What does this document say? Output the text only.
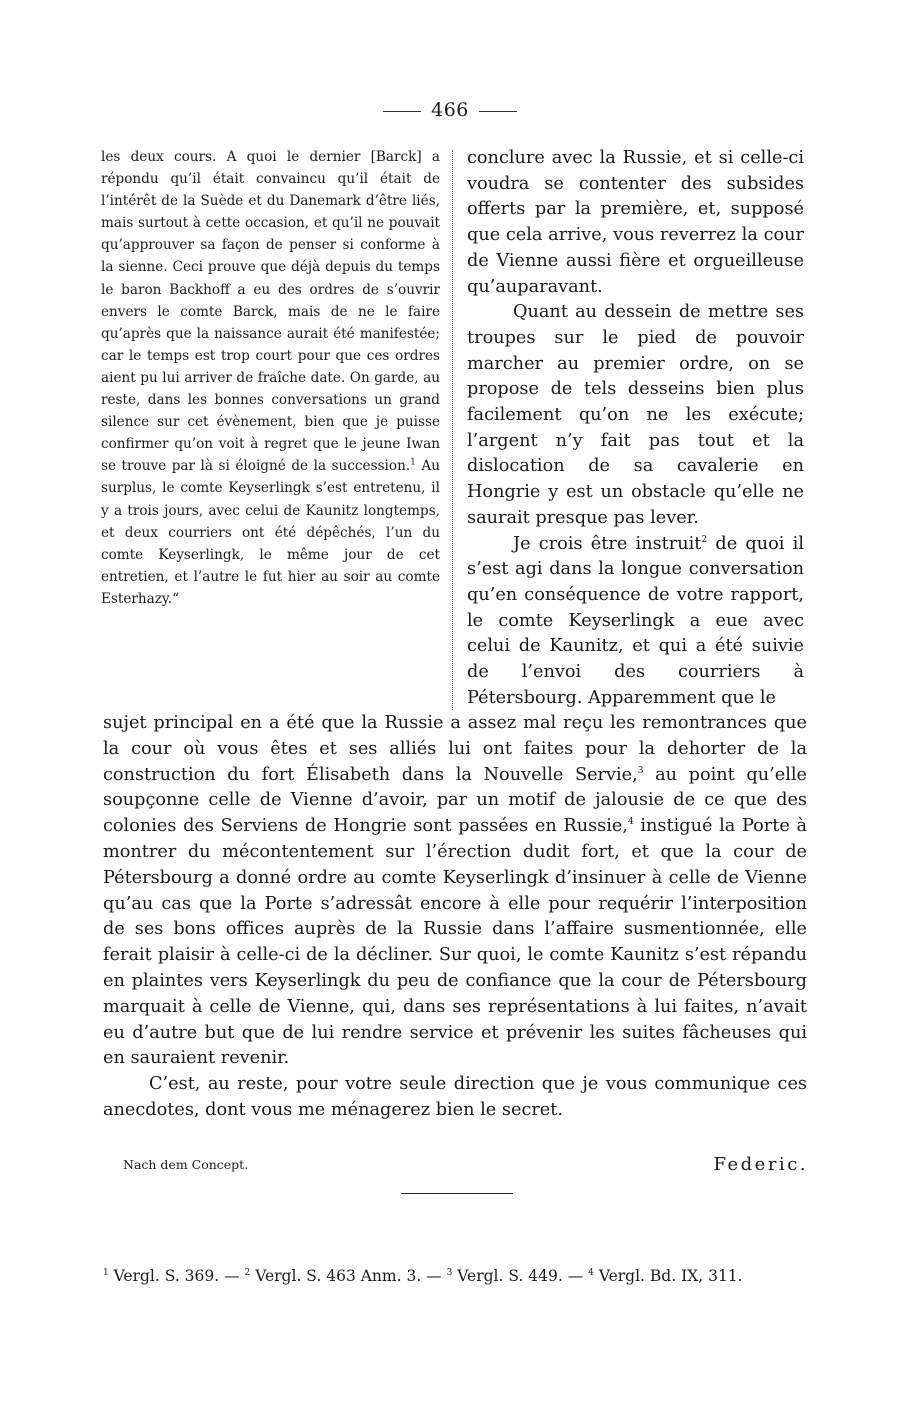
466
les deux cours. A quoi le dernier [Barck] a répondu qu’il était convaincu qu’il était de l’intérêt de la Suède et du Danemark d’être liés, mais surtout à cette occasion, et qu’il ne pouvait qu’approuver sa façon de penser si conforme à la sienne. Ceci prouve que déjà depuis du temps le baron Backhoff a eu des ordres de s’ouvrir envers le comte Barck, mais de ne le faire qu’après que la naissance aurait été manifestée; car le temps est trop court pour que ces ordres aient pu lui arriver de fraîche date. On garde, au reste, dans les bonnes conversations un grand silence sur cet évènement, bien que je puisse confirmer qu’on voit à regret que le jeune Iwan se trouve par là si éloigné de la succession.$^1$ Au surplus, le comte Keyserlingk s’est entretenu, il y a trois jours, avec celui de Kaunitz longtemps, et deux courriers ont été dépêchés, l’un du comte Keyserlingk, le même jour de cet entretien, et l’autre le fut hier au soir au comte Esterhazy.“

conclure avec la Russie, et si celle-ci voudra se contenter des subsides offerts par la première, et, supposé que cela arrive, vous reverrez la cour de Vienne aussi fière et orgueilleuse qu’auparavant.

Quant au dessein de mettre ses troupes sur le pied de pouvoir marcher au premier ordre, on se propose de tels desseins bien plus facilement qu’on ne les exécute; l’argent n’y fait pas tout et la dislocation de sa cavalerie en Hongrie y est un obstacle qu’elle ne saurait presque pas lever.

Je crois être instruit$^2$ de quoi il s’est agi dans la longue conversation qu’en conséquence de votre rapport, le comte Keyserlingk a eue avec celui de Kaunitz, et qui a été suivie de l’envoi des courriers à Pétersbourg. Apparemment que le

sujet principal en a été que la Russie a assez mal reçu les remontrances que la cour où vous êtes et ses alliés lui ont faites pour la dehorter de la construction du fort Élisabeth dans la Nouvelle Servie,$^3$ au point qu’elle soupçonne celle de Vienne d’avoir, par un motif de jalousie de ce que des colonies des Serviens de Hongrie sont passées en Russie,$^4$ instigué la Porte à montrer du mécontentement sur l’érection dudit fort, et que la cour de Pétersbourg a donné ordre au comte Keyserlingk d’insinuer à celle de Vienne qu’au cas que la Porte s’adressât encore à elle pour requérir l’interposition de ses bons offices auprès de la Russie dans l’affaire susmentionnée, elle ferait plaisir à celle-ci de la décliner. Sur quoi, le comte Kaunitz s’est répandu en plaintes vers Keyserlingk du peu de confiance que la cour de Pétersbourg marquait à celle de Vienne, qui, dans ses représentations à lui faites, n’avait eu d’autre but que de lui rendre service et prévenir les suites fâcheuses qui en sauraient revenir.

C’est, au reste, pour votre seule direction que je vous communique ces anecdotes, dont vous me ménagerez bien le secret.

Nach dem Concept.	Federic.
$^1$ Vergl. S. 369. — $^2$ Vergl. S. 463 Anm. 3. — $^3$ Vergl. S. 449. — $^4$ Vergl. Bd. IX, 311.
